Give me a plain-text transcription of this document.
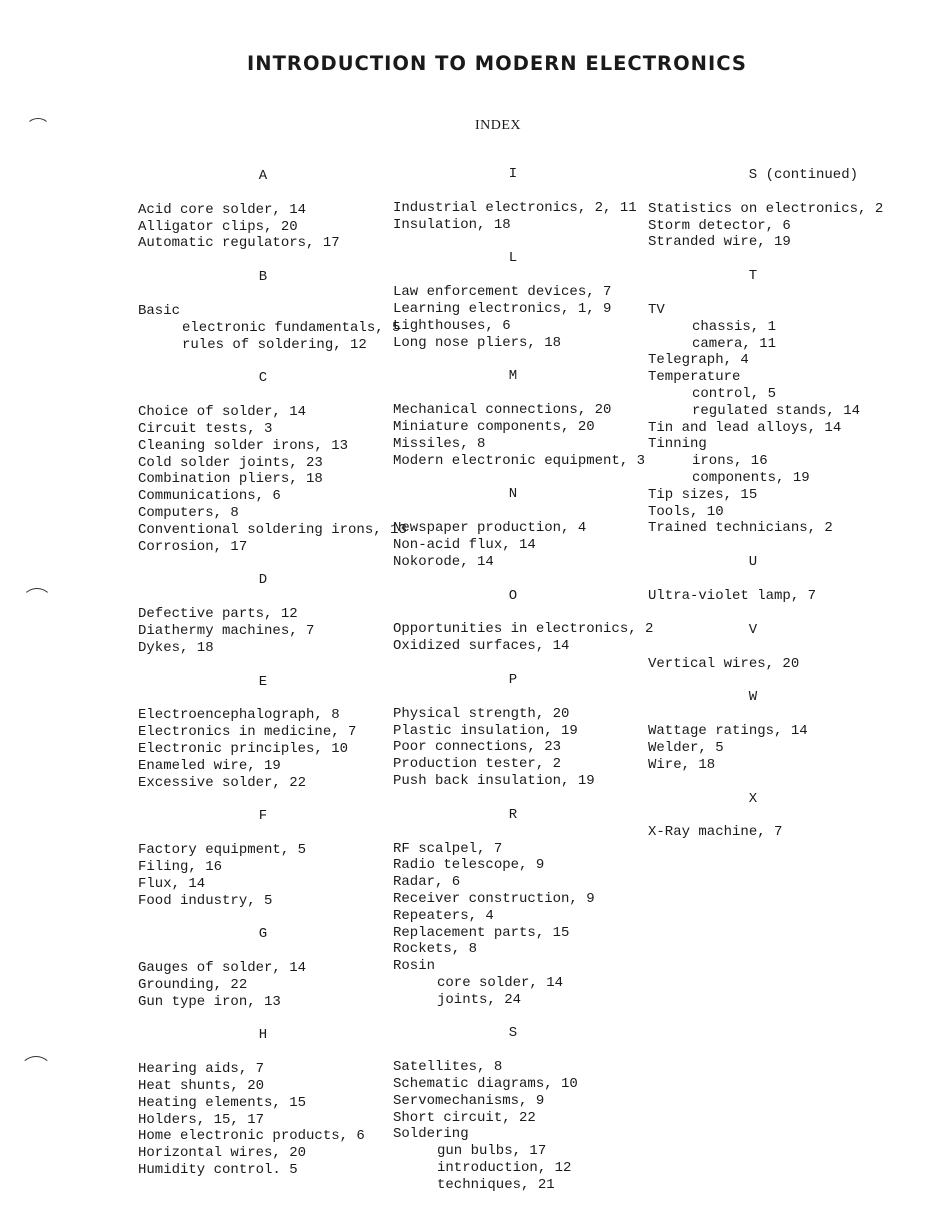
INTRODUCTION TO MODERN ELECTRONICS
INDEX
A
Acid core solder, 14
Alligator clips, 20
Automatic regulators, 17
B
Basic
electronic fundamentals, 5
rules of soldering, 12
C
Choice of solder, 14
Circuit tests, 3
Cleaning solder irons, 13
Cold solder joints, 23
Combination pliers, 18
Communications, 6
Computers, 8
Conventional soldering irons, 13
Corrosion, 17
D
Defective parts, 12
Diathermy machines, 7
Dykes, 18
E
Electroencephalograph, 8
Electronics in medicine, 7
Electronic principles, 10
Enameled wire, 19
Excessive solder, 22
F
Factory equipment, 5
Filing, 16
Flux, 14
Food industry, 5
G
Gauges of solder, 14
Grounding, 22
Gun type iron, 13
H
Hearing aids, 7
Heat shunts, 20
Heating elements, 15
Holders, 15, 17
Home electronic products, 6
Horizontal wires, 20
Humidity control. 5
I
Industrial electronics, 2, 11
Insulation, 18
L
Law enforcement devices, 7
Learning electronics, 1, 9
Lighthouses, 6
Long nose pliers, 18
M
Mechanical connections, 20
Miniature components, 20
Missiles, 8
Modern electronic equipment, 3
N
Newspaper production, 4
Non-acid flux, 14
Nokorode, 14
O
Opportunities in electronics, 2
Oxidized surfaces, 14
P
Physical strength, 20
Plastic insulation, 19
Poor connections, 23
Production tester, 2
Push back insulation, 19
R
RF scalpel, 7
Radio telescope, 9
Radar, 6
Receiver construction, 9
Repeaters, 4
Replacement parts, 15
Rockets, 8
Rosin
core solder, 14
joints, 24
S
Satellites, 8
Schematic diagrams, 10
Servomechanisms, 9
Short circuit, 22
Soldering
gun bulbs, 17
introduction, 12
techniques, 21
S (continued)
Statistics on electronics, 2
Storm detector, 6
Stranded wire, 19
T
TV
chassis, 1
camera, 11
Telegraph, 4
Temperature
control, 5
regulated stands, 14
Tin and lead alloys, 14
Tinning
irons, 16
components, 19
Tip sizes, 15
Tools, 10
Trained technicians, 2
U
Ultra-violet lamp, 7
V
Vertical wires, 20
W
Wattage ratings, 14
Welder, 5
Wire, 18
X
X-Ray machine, 7
